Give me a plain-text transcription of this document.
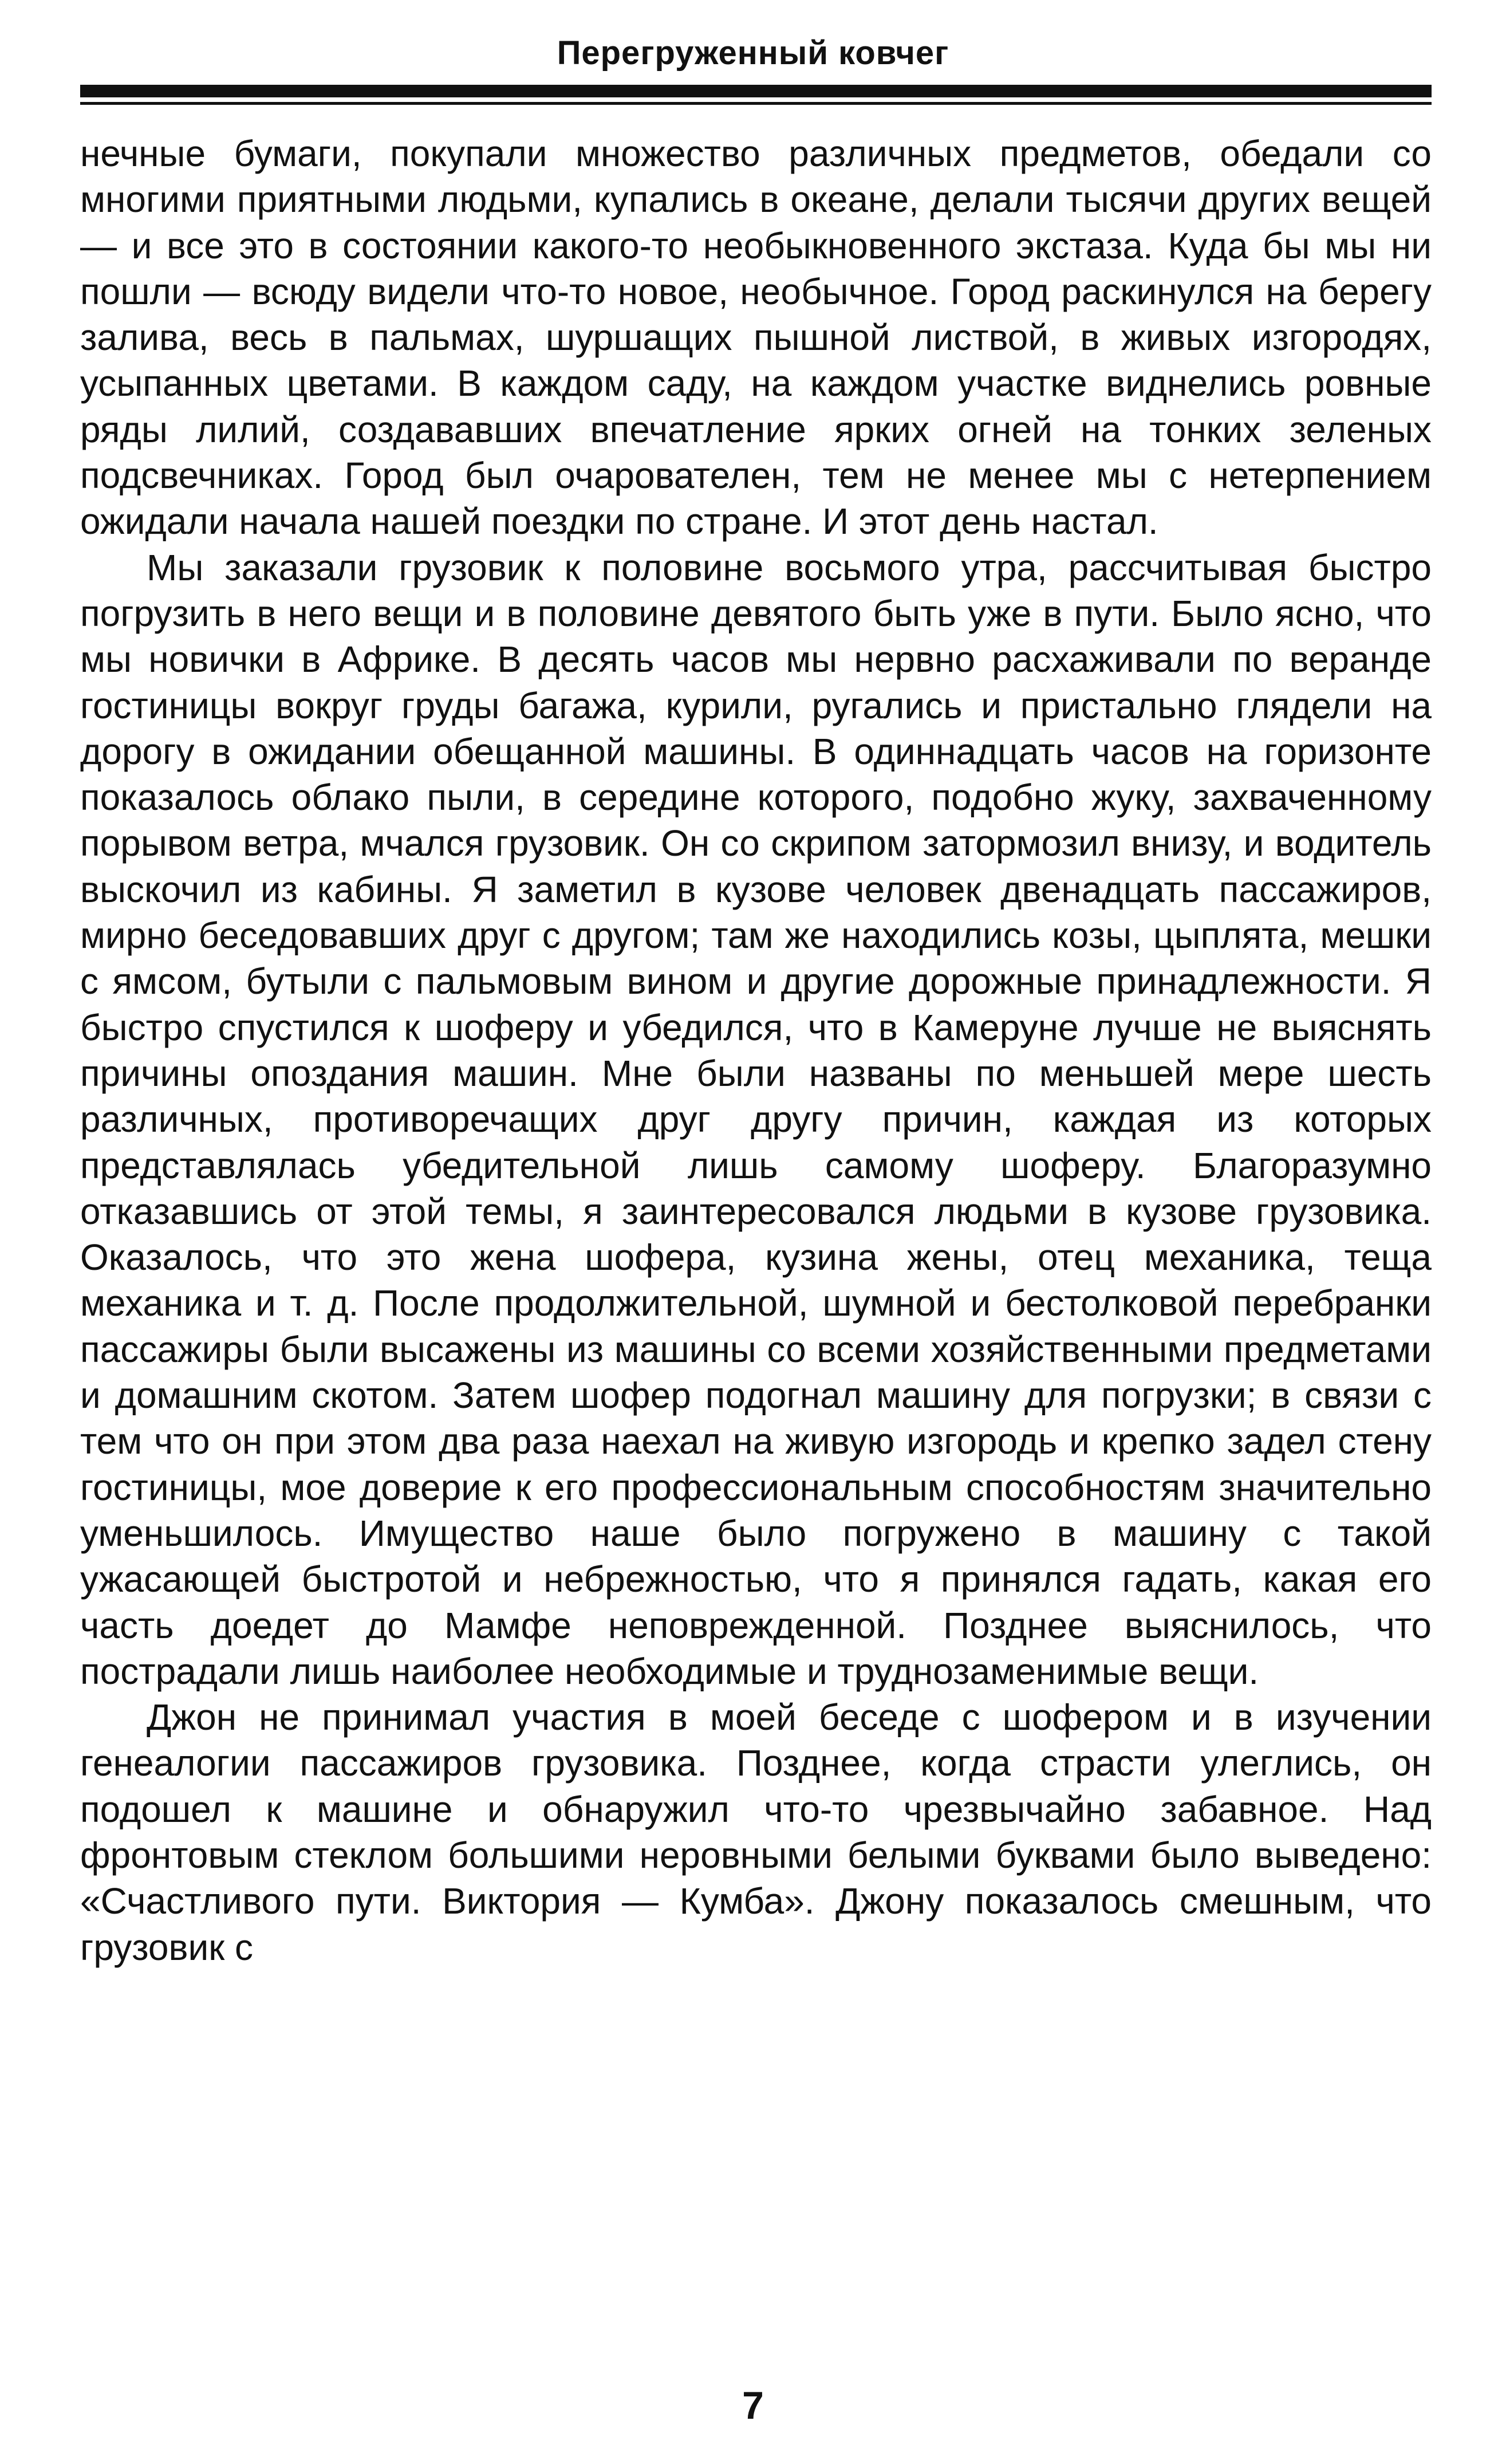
Перегруженный ковчег

нечные бумаги, покупали множество различных предметов, обедали со многими приятными людьми, купались в океане, делали тысячи других вещей — и все это в состоянии какого-то необыкновенного экстаза. Куда бы мы ни пошли — всюду видели что-то новое, необычное. Город раскинулся на берегу залива, весь в пальмах, шуршащих пышной листвой, в живых изгородях, усыпанных цветами. В каждом саду, на каждом участке виднелись ровные ряды лилий, создававших впечатление ярких огней на тонких зеленых подсвечниках. Город был очарователен, тем не менее мы с нетерпением ожидали начала нашей поездки по стране. И этот день настал.

Мы заказали грузовик к половине восьмого утра, рассчитывая быстро погрузить в него вещи и в половине девятого быть уже в пути. Было ясно, что мы новички в Африке. В десять часов мы нервно расхаживали по веранде гостиницы вокруг груды багажа, курили, ругались и пристально глядели на дорогу в ожидании обещанной машины. В одиннадцать часов на горизонте показалось облако пыли, в середине которого, подобно жуку, захваченному порывом ветра, мчался грузовик. Он со скрипом затормозил внизу, и водитель выскочил из кабины. Я заметил в кузове человек двенадцать пассажиров, мирно беседовавших друг с другом; там же находились козы, цыплята, мешки с ямсом, бутыли с пальмовым вином и другие дорожные принадлежности. Я быстро спустился к шоферу и убедился, что в Камеруне лучше не выяснять причины опоздания машин. Мне были названы по меньшей мере шесть различных, противоречащих друг другу причин, каждая из которых представлялась убедительной лишь самому шоферу. Благоразумно отказавшись от этой темы, я заинтересовался людьми в кузове грузовика. Оказалось, что это жена шофера, кузина жены, отец механика, теща механика и т. д. После продолжительной, шумной и бестолковой перебранки пассажиры были высажены из машины со всеми хозяйственными предметами и домашним скотом. Затем шофер подогнал машину для погрузки; в связи с тем что он при этом два раза наехал на живую изгородь и крепко задел стену гостиницы, мое доверие к его профессиональным способностям значительно уменьшилось. Имущество наше было погружено в машину с такой ужасающей быстротой и небрежностью, что я принялся гадать, какая его часть доедет до Мамфе неповрежденной. Позднее выяснилось, что пострадали лишь наиболее необходимые и труднозаменимые вещи.

Джон не принимал участия в моей беседе с шофером и в изучении генеалогии пассажиров грузовика. Позднее, когда страсти улеглись, он подошел к машине и обнаружил что-то чрезвычайно забавное. Над фронтовым стеклом большими неровными белыми буквами было выведено: «Счастливого пути. Виктория — Кумба». Джону показалось смешным, что грузовик с

7
